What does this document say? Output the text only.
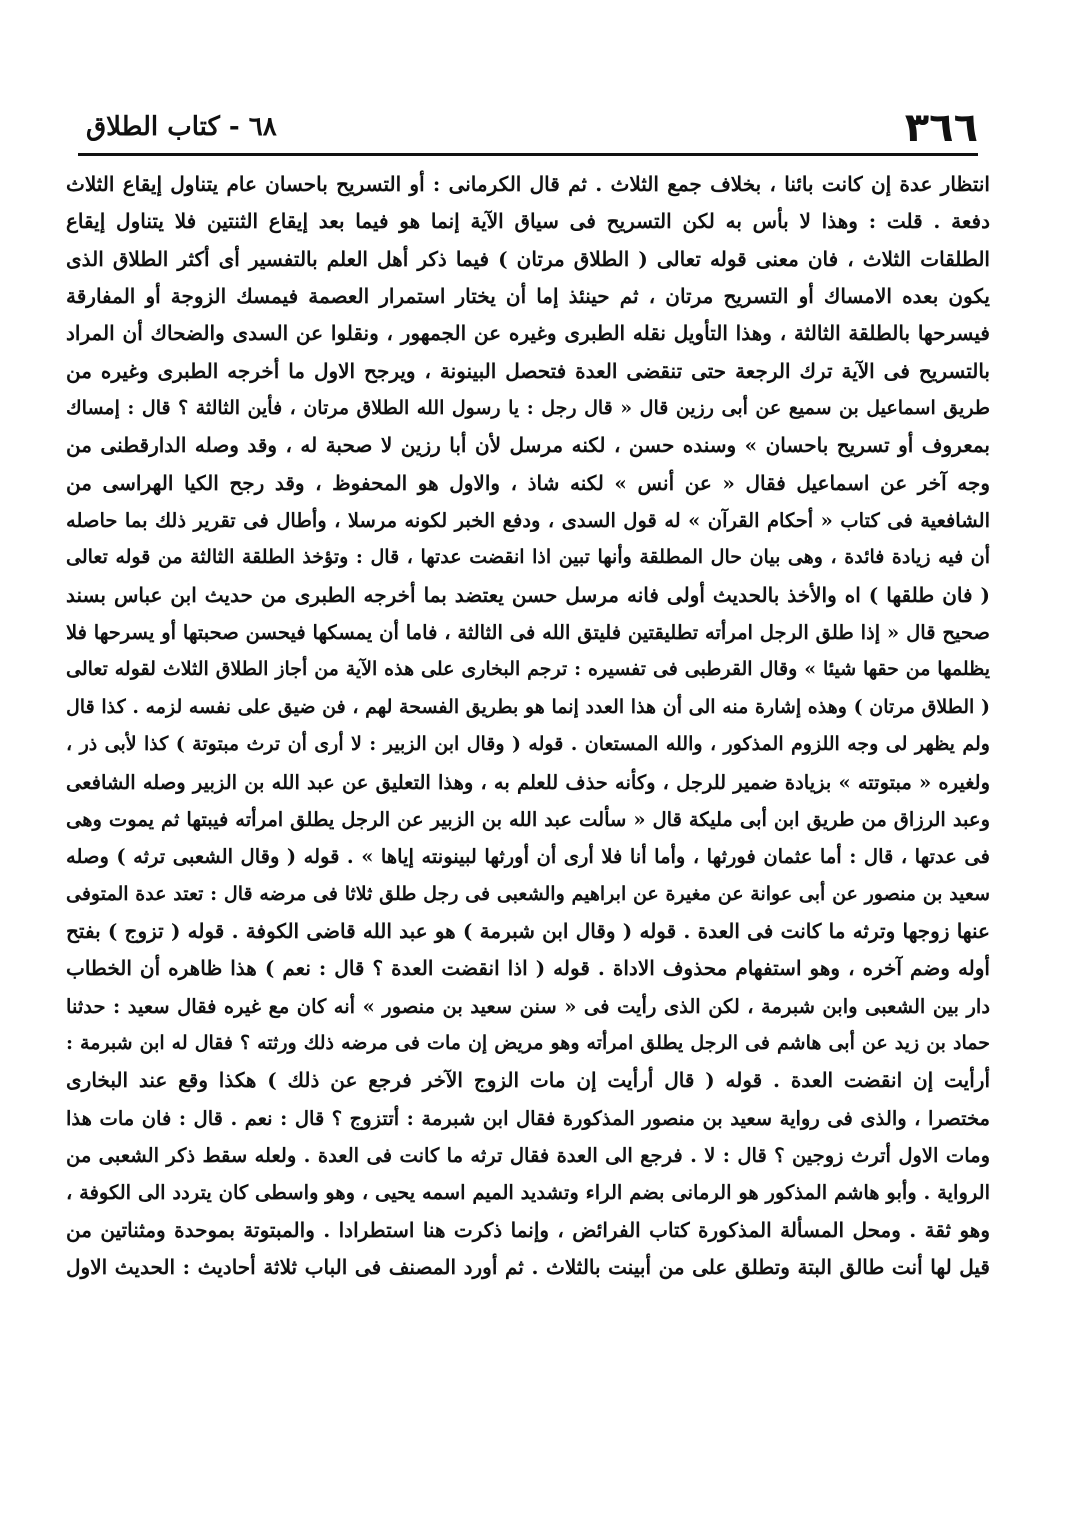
٣٦٦
٦٨ - كتاب الطلاق
انتظار عدة إن كانت بائنا ، بخلاف جمع الثلاث . ثم قال الكرمانى : أو التسريح باحسان عام يتناول إيقاع الثلاث
دفعة . قلت : وهذا لا بأس به لكن التسريح فى سياق الآية إنما هو فيما بعد إيقاع الثنتين فلا يتناول إيقاع
الطلقات الثلاث ، فان معنى قوله تعالى ( الطلاق مرتان ) فيما ذكر أهل العلم بالتفسير أى أكثر الطلاق الذى
يكون بعده الامساك أو التسريح مرتان ، ثم حينئذ إما أن يختار استمرار العصمة فيمسك الزوجة أو المفارقة
فيسرحها بالطلقة الثالثة ، وهذا التأويل نقله الطبرى وغيره عن الجمهور ، ونقلوا عن السدى والضحاك أن المراد
بالتسريح فى الآية ترك الرجعة حتى تنقضى العدة فتحصل البينونة ، ويرجح الاول ما أخرجه الطبرى وغيره من
طريق اسماعيل بن سميع عن أبى رزين قال « قال رجل : يا رسول الله الطلاق مرتان ، فأين الثالثة ؟ قال : إمساك
بمعروف أو تسريح باحسان » وسنده حسن ، لكنه مرسل لأن أبا رزين لا صحبة له ، وقد وصله الدارقطنى من
وجه آخر عن اسماعيل فقال « عن أنس » لكنه شاذ ، والاول هو المحفوظ ، وقد رجح الكيا الهراسى من
الشافعية فى كتاب « أحكام القرآن » له قول السدى ، ودفع الخبر لكونه مرسلا ، وأطال فى تقرير ذلك بما حاصله
أن فيه زيادة فائدة ، وهى بيان حال المطلقة وأنها تبين اذا انقضت عدتها ، قال : وتؤخذ الطلقة الثالثة من قوله تعالى
( فان طلقها ) اه والأخذ بالحديث أولى فانه مرسل حسن يعتضد بما أخرجه الطبرى من حديث ابن عباس بسند
صحيح قال « إذا طلق الرجل امرأته تطليقتين فليتق الله فى الثالثة ، فاما أن يمسكها فيحسن صحبتها أو يسرحها فلا
يظلمها من حقها شيئا » وقال القرطبى فى تفسيره : ترجم البخارى على هذه الآية من أجاز الطلاق الثلاث لقوله تعالى
( الطلاق مرتان ) وهذه إشارة منه الى أن هذا العدد إنما هو بطريق الفسحة لهم ، فن ضيق على نفسه لزمه . كذا قال
ولم يظهر لى وجه اللزوم المذكور ، والله المستعان . قوله ( وقال ابن الزبير : لا أرى أن ترث مبتوتة ) كذا لأبى ذر ،
ولغيره « مبتوتته » بزيادة ضمير للرجل ، وكأنه حذف للعلم به ، وهذا التعليق عن عبد الله بن الزبير وصله الشافعى
وعبد الرزاق من طريق ابن أبى مليكة قال « سألت عبد الله بن الزبير عن الرجل يطلق امرأته فيبتها ثم يموت وهى
فى عدتها ، قال : أما عثمان فورثها ، وأما أنا فلا أرى أن أورثها لبينونته إياها » . قوله ( وقال الشعبى ترثه ) وصله
سعيد بن منصور عن أبى عوانة عن مغيرة عن ابراهيم والشعبى فى رجل طلق ثلاثا فى مرضه قال : تعتد عدة المتوفى
عنها زوجها وترثه ما كانت فى العدة . قوله ( وقال ابن شبرمة ) هو عبد الله قاضى الكوفة . قوله ( تزوج ) بفتح
أوله وضم آخره ، وهو استفهام محذوف الاداة . قوله ( اذا انقضت العدة ؟ قال : نعم ) هذا ظاهره أن الخطاب
دار بين الشعبى وابن شبرمة ، لكن الذى رأيت فى « سنن سعيد بن منصور » أنه كان مع غيره فقال سعيد : حدثنا
حماد بن زيد عن أبى هاشم فى الرجل يطلق امرأته وهو مريض إن مات فى مرضه ذلك ورثته ؟ فقال له ابن شبرمة :
أرأيت إن انقضت العدة . قوله ( قال أرأيت إن مات الزوج الآخر فرجع عن ذلك ) هكذا وقع عند البخارى
مختصرا ، والذى فى رواية سعيد بن منصور المذكورة فقال ابن شبرمة : أتتزوج ؟ قال : نعم . قال : فان مات هذا
ومات الاول أترث زوجين ؟ قال : لا . فرجع الى العدة فقال ترثه ما كانت فى العدة . ولعله سقط ذكر الشعبى من
الرواية . وأبو هاشم المذكور هو الرمانى بضم الراء وتشديد الميم اسمه يحيى ، وهو واسطى كان يتردد الى الكوفة ،
وهو ثقة . ومحل المسألة المذكورة كتاب الفرائض ، وإنما ذكرت هنا استطرادا . والمبتوتة بموحدة ومثناتين من
قيل لها أنت طالق البتة وتطلق على من أبينت بالثلاث . ثم أورد المصنف فى الباب ثلاثة أحاديث : الحديث الاول
